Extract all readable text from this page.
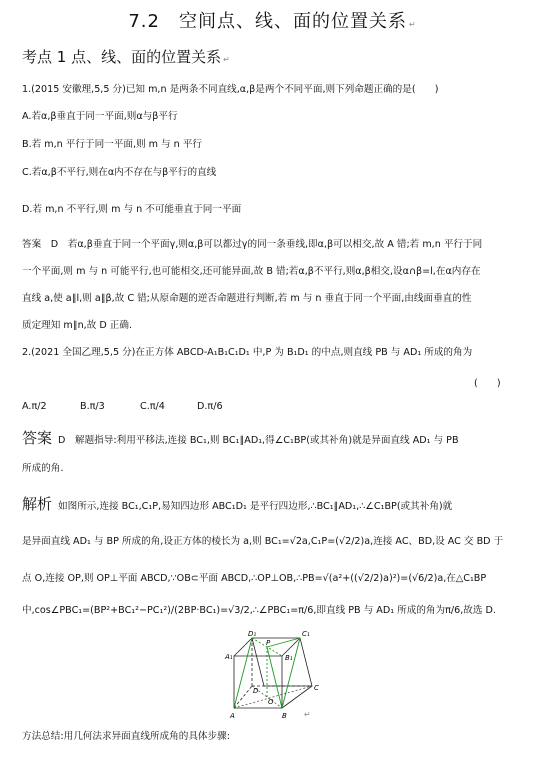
7.2　空间点、线、面的位置关系 ↵
考点 1 点、线、面的位置关系 ↵
1.(2015 安徽理,5,5 分)已知 m,n 是两条不同直线,α,β是两个不同平面,则下列命题正确的是(　　)
A.若α,β垂直于同一平面,则α与β平行
B.若 m,n 平行于同一平面,则 m 与 n 平行
C.若α,β不平行,则在α内不存在与β平行的直线
D.若 m,n 不平行,则 m 与 n 不可能垂直于同一平面
答案　D　若α,β垂直于同一个平面γ,则α,β可以都过γ的同一条垂线,即α,β可以相交,故 A 错;若 m,n 平行于同
一个平面,则 m 与 n 可能平行,也可能相交,还可能异面,故 B 错;若α,β不平行,则α,β相交,设α∩β=l,在α内存在
直线 a,使 a∥l,则 a∥β,故 C 错;从原命题的逆否命题进行判断,若 m 与 n 垂直于同一个平面,由线面垂直的性
质定理知 m∥n,故 D 正确.
2.(2021 全国乙理,5,5 分)在正方体 ABCD-A₁B₁C₁D₁ 中,P 为 B₁D₁ 的中点,则直线 PB 与 AD₁ 所成的角为
(　　)
A.π/2	B.π/3	C.π/4	D.π/6
答案 D　解题指导:利用平移法,连接 BC₁,则 BC₁∥AD₁,得∠C₁BP(或其补角)就是异面直线 AD₁ 与 PB
所成的角.
解析 如图所示,连接 BC₁,C₁P,易知四边形 ABC₁D₁ 是平行四边形,∴BC₁∥AD₁,∴∠C₁BP(或其补角)就
是异面直线 AD₁ 与 BP 所成的角,设正方体的棱长为 a,则 BC₁=√2a,C₁P=(√2/2)a,连接 AC、BD,设 AC 交 BD 于
点 O,连接 OP,则 OP⊥平面 ABCD,∵OB⊂平面 ABCD,∴OP⊥OB,∴PB=√(a²+((√2/2)a)²)=(√6/2)a,在△C₁BP
中,cos∠PBC₁=(BP²+BC₁²−PC₁²)/(2BP·BC₁)=√3/2,∴∠PBC₁=π/6,即直线 PB 与 AD₁ 所成的角为π/6,故选 D.
D₁	C₁
A₁
P
B₁
D	C
O
A	B ↵
方法总结:用几何法求异面直线所成角的具体步骤:
